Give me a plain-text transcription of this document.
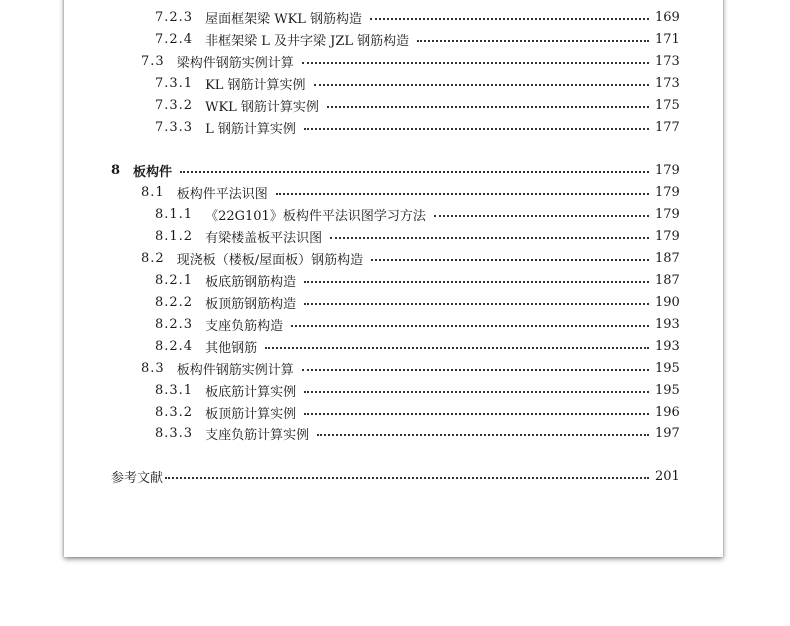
7.2.3 屋面框架梁 WKL 钢筋构造	169
7.2.4 非框架梁 L 及井字梁 JZL 钢筋构造	171
7.3 梁构件钢筋实例计算	173
7.3.1 KL 钢筋计算实例	173
7.3.2 WKL 钢筋计算实例	175
7.3.3 L 钢筋计算实例	177
8 板构件	179
8.1 板构件平法识图	179
8.1.1 《22G101》板构件平法识图学习方法	179
8.1.2 有梁楼盖板平法识图	179
8.2 现浇板（楼板/屋面板）钢筋构造	187
8.2.1 板底筋钢筋构造	187
8.2.2 板顶筋钢筋构造	190
8.2.3 支座负筋构造	193
8.2.4 其他钢筋	193
8.3 板构件钢筋实例计算	195
8.3.1 板底筋计算实例	195
8.3.2 板顶筋计算实例	196
8.3.3 支座负筋计算实例	197
参考文献	201
